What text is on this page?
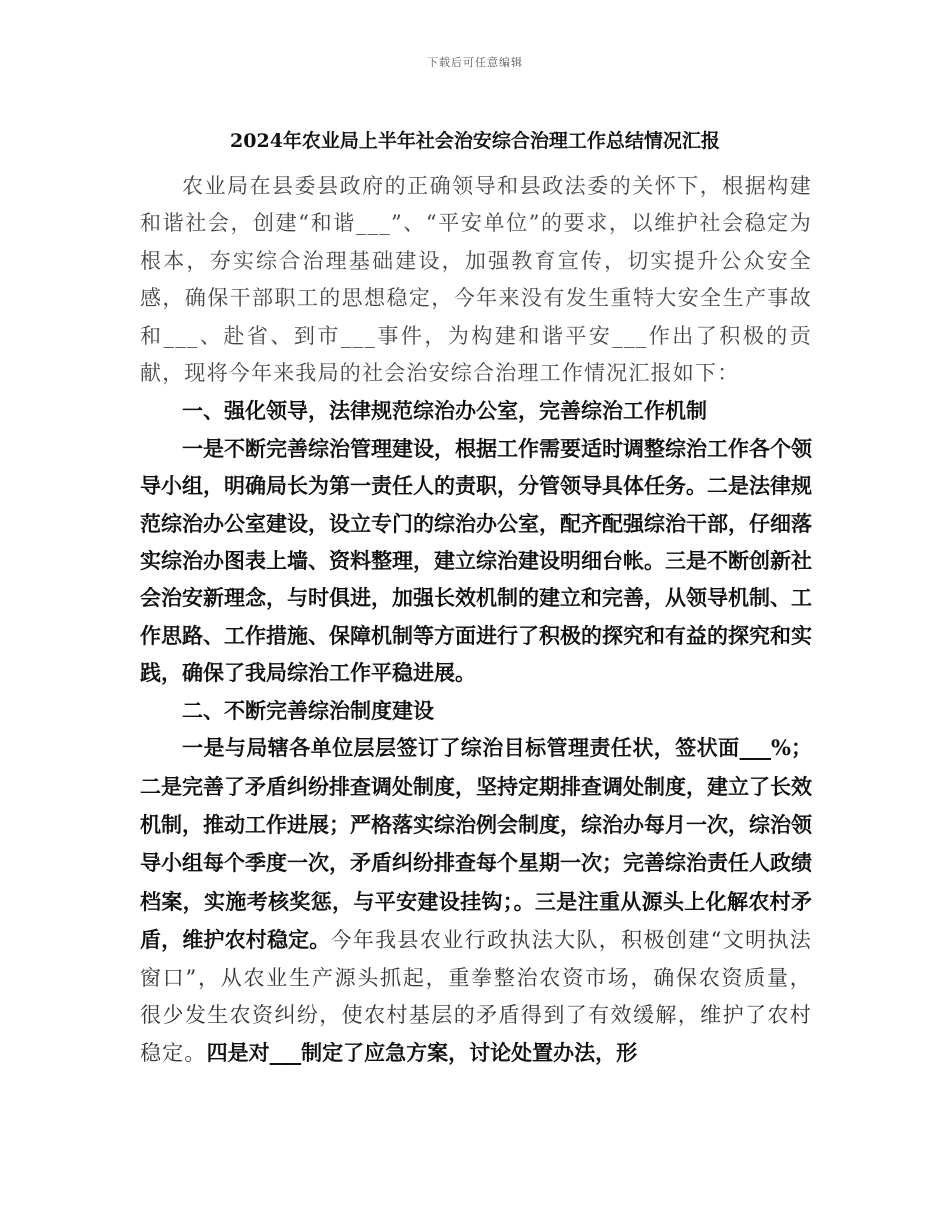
下载后可任意编辑
2024年农业局上半年社会治安综合治理工作总结情况汇报

农业局在县委县政府的正确领导和县政法委的关怀下，根据构建和谐社会，创建“和谐___”、“平安单位”的要求，以维护社会稳定为根本，夯实综合治理基础建设，加强教育宣传，切实提升公众安全感，确保干部职工的思想稳定，今年来没有发生重特大安全生产事故和___、赴省、到市___事件，为构建和谐平安___作出了积极的贡献，现将今年来我局的社会治安综合治理工作情况汇报如下：

一、强化领导，法律规范综治办公室，完善综治工作机制

一是不断完善综治管理建设，根据工作需要适时调整综治工作各个领导小组，明确局长为第一责任人的责职，分管领导具体任务。二是法律规范综治办公室建设，设立专门的综治办公室，配齐配强综治干部，仔细落实综治办图表上墙、资料整理，建立综治建设明细台帐。三是不断创新社会治安新理念，与时俱进，加强长效机制的建立和完善，从领导机制、工作思路、工作措施、保障机制等方面进行了积极的探究和有益的探究和实践，确保了我局综治工作平稳进展。

二、不断完善综治制度建设

一是与局辖各单位层层签订了综治目标管理责任状，签状面___%；二是完善了矛盾纠纷排查调处制度，坚持定期排查调处制度，建立了长效机制，推动工作进展；严格落实综治例会制度，综治办每月一次，综治领导小组每个季度一次，矛盾纠纷排查每个星期一次；完善综治责任人政绩档案，实施考核奖惩，与平安建设挂钩；。三是注重从源头上化解农村矛盾，维护农村稳定。今年我县农业行政执法大队，积极创建“文明执法窗口”，从农业生产源头抓起，重拳整治农资市场，确保农资质量，很少发生农资纠纷，使农村基层的矛盾得到了有效缓解，维护了农村稳定。四是对___制定了应急方案，讨论处置办法，形
